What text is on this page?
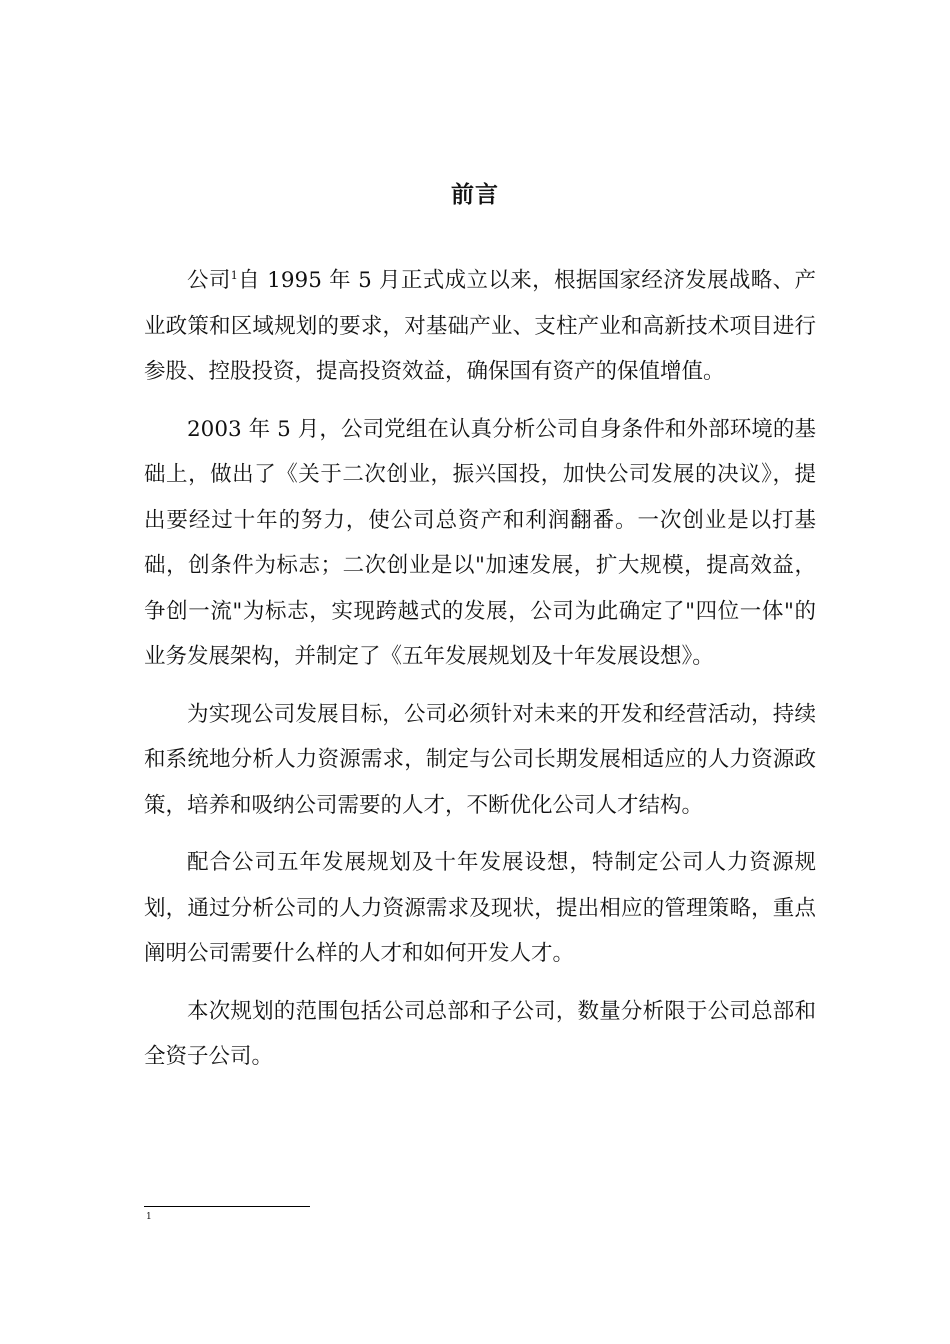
前言

公司$^1$自 1995 年 5 月正式成立以来，根据国家经济发展战略、产业政策和区域规划的要求，对基础产业、支柱产业和高新技术项目进行参股、控股投资，提高投资效益，确保国有资产的保值增值。

2003 年 5 月，公司党组在认真分析公司自身条件和外部环境的基础上，做出了《关于二次创业，振兴国投，加快公司发展的决议》，提出要经过十年的努力，使公司总资产和利润翻番。一次创业是以打基础，创条件为标志；二次创业是以"加速发展，扩大规模，提高效益，争创一流"为标志，实现跨越式的发展，公司为此确定了"四位一体"的业务发展架构，并制定了《五年发展规划及十年发展设想》。

为实现公司发展目标，公司必须针对未来的开发和经营活动，持续和系统地分析人力资源需求，制定与公司长期发展相适应的人力资源政策，培养和吸纳公司需要的人才，不断优化公司人才结构。

配合公司五年发展规划及十年发展设想，特制定公司人力资源规划，通过分析公司的人力资源需求及现状，提出相应的管理策略，重点阐明公司需要什么样的人才和如何开发人才。

本次规划的范围包括公司总部和子公司，数量分析限于公司总部和全资子公司。

1
